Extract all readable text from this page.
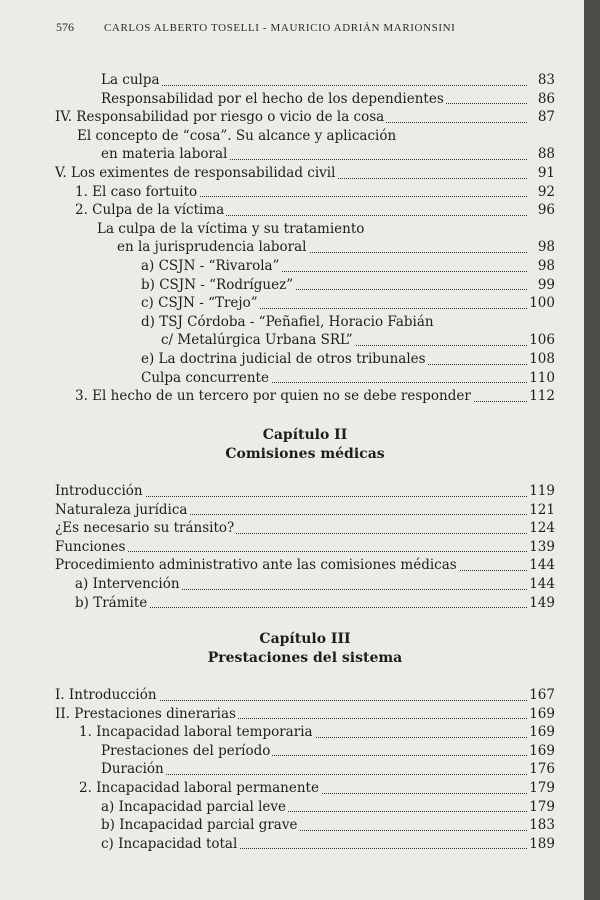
576	CARLOS ALBERTO TOSELLI - MAURICIO ADRIÁN MARIONSINI
La culpa	83
Responsabilidad por el hecho de los dependientes	86
IV. Responsabilidad por riesgo o vicio de la cosa	87
El concepto de “cosa”. Su alcance y aplicación
en materia laboral	88
V. Los eximentes de responsabilidad civil	91
1. El caso fortuito	92
2. Culpa de la víctima	96
La culpa de la víctima y su tratamiento
en la jurisprudencia laboral	98
a) CSJN - “Rivarola”	98
b) CSJN - “Rodríguez”	99
c) CSJN - “Trejo”	100
d) TSJ Córdoba - “Peñafiel, Horacio Fabián
c/ Metalúrgica Urbana SRL”	106
e) La doctrina judicial de otros tribunales	108
Culpa concurrente	110
3. El hecho de un tercero por quien no se debe responder	112
Capítulo II
Comisiones médicas
Introducción	119
Naturaleza jurídica	121
¿Es necesario su tránsito?	124
Funciones	139
Procedimiento administrativo ante las comisiones médicas	144
a) Intervención	144
b) Trámite	149
Capítulo III
Prestaciones del sistema
I. Introducción	167
II. Prestaciones dinerarias	169
1. Incapacidad laboral temporaria	169
Prestaciones del período	169
Duración	176
2. Incapacidad laboral permanente	179
a) Incapacidad parcial leve	179
b) Incapacidad parcial grave	183
c) Incapacidad total	189
